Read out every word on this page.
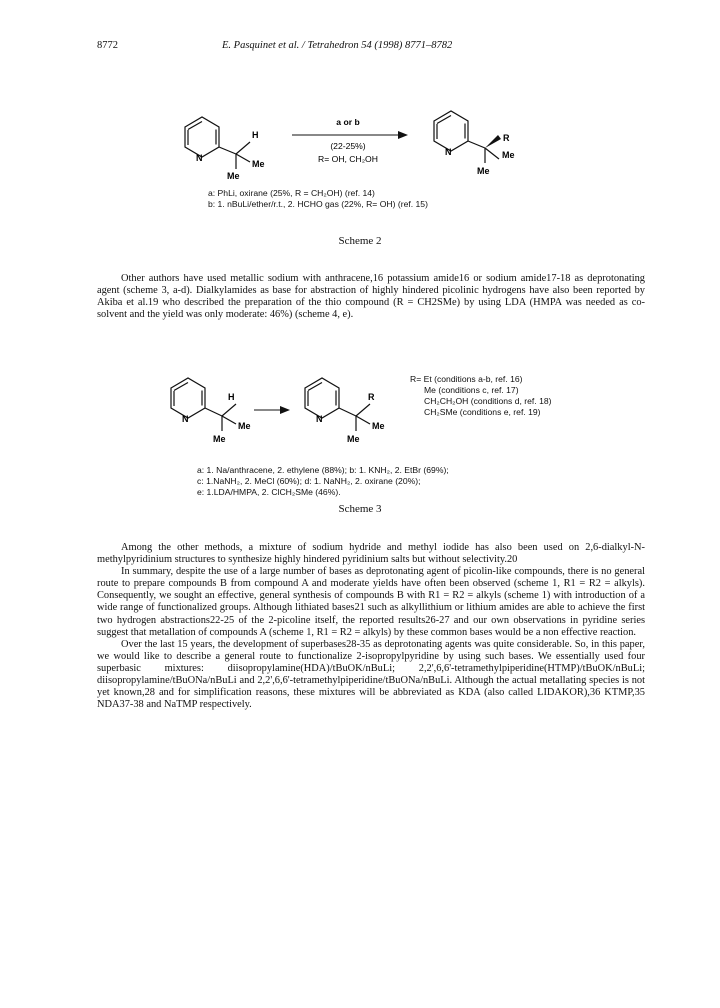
8772	E. Pasquinet et al. / Tetrahedron 54 (1998) 8771–8782
N
H
Me
Me
a or b
(22-25%)
R= OH, CH₂OH
N
R
Me
Me
a: PhLi, oxirane (25%, R = CH₂OH) (ref. 14)
b: 1. nBuLi/ether/r.t., 2. HCHO gas (22%, R= OH) (ref. 15)
Scheme 2

Other authors have used metallic sodium with anthracene,16 potassium amide16 or sodium amide17-18 as deprotonating agent (scheme 3, a-d). Dialkylamides as base for abstraction of highly hindered picolinic hydrogens have also been reported by Akiba et al.19 who described the preparation of the thio compound (R = CH2SMe) by using LDA (HMPA was needed as co-solvent and the yield was only moderate: 46%) (scheme 4, e).

N
H
Me
Me
N
R
Me
Me
R= Et (conditions a-b, ref. 16)
Me (conditions c, ref. 17)
CH₂CH₂OH (conditions d, ref. 18)
CH₂SMe (conditions e, ref. 19)
a: 1. Na/anthracene, 2. ethylene (88%); b: 1. KNH₂, 2. EtBr (69%);
c: 1.NaNH₂, 2. MeCl (60%); d: 1. NaNH₂, 2. oxirane (20%);
e: 1.LDA/HMPA, 2. ClCH₂SMe (46%).
Scheme 3

Among the other methods, a mixture of sodium hydride and methyl iodide has also been used on 2,6-dialkyl-N-methylpyridinium structures to synthesize highly hindered pyridinium salts but without selectivity.20

In summary, despite the use of a large number of bases as deprotonating agent of picolin-like compounds, there is no general route to prepare compounds B from compound A and moderate yields have often been observed (scheme 1, R1 = R2 = alkyls). Consequently, we sought an effective, general synthesis of compounds B with R1 = R2 = alkyls (scheme 1) with introduction of a wide range of functionalized groups. Although lithiated bases21 such as alkyllithium or lithium amides are able to achieve the first two hydrogen abstractions22-25 of the 2-picoline itself, the reported results26-27 and our own observations in pyridine series suggest that metallation of compounds A (scheme 1, R1 = R2 = alkyls) by these common bases would be a non effective reaction.

Over the last 15 years, the development of superbases28-35 as deprotonating agents was quite considerable. So, in this paper, we would like to describe a general route to functionalize 2-isopropylpyridine by using such bases. We essentially used four superbasic mixtures: diisopropylamine(HDA)/tBuOK/nBuLi; 2,2',6,6'-tetramethylpiperidine(HTMP)/tBuOK/nBuLi; diisopropylamine/tBuONa/nBuLi and 2,2',6,6'-tetramethylpiperidine/tBuONa/nBuLi. Although the actual metallating species is not yet known,28 and for simplification reasons, these mixtures will be abbreviated as KDA (also called LIDAKOR),36 KTMP,35 NDA37-38 and NaTMP respectively.
